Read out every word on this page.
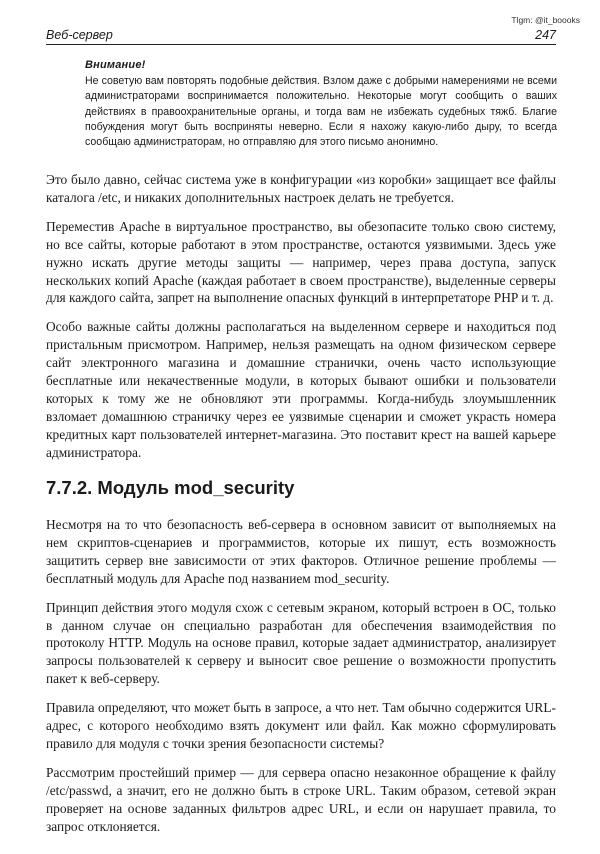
Tlgm: @it_boooks
Веб-сервер	247
Внимание!
Не советую вам повторять подобные действия. Взлом даже с добрыми намерениями не всеми администраторами воспринимается положительно. Некоторые могут сообщить о ваших действиях в правоохранительные органы, и тогда вам не избежать судебных тяжб. Благие побуждения могут быть восприняты неверно. Если я нахожу какую-либо дыру, то всегда сообщаю администраторам, но отправляю для этого письмо анонимно.

Это было давно, сейчас система уже в конфигурации «из коробки» защищает все файлы каталога /etc, и никаких дополнительных настроек делать не требуется.

Переместив Apache в виртуальное пространство, вы обезопасите только свою систему, но все сайты, которые работают в этом пространстве, остаются уязвимыми. Здесь уже нужно искать другие методы защиты — например, через права доступа, запуск нескольких копий Apache (каждая работает в своем пространстве), выделенные серверы для каждого сайта, запрет на выполнение опасных функций в интерпретаторе PHP и т. д.

Особо важные сайты должны располагаться на выделенном сервере и находиться под пристальным присмотром. Например, нельзя размещать на одном физическом сервере сайт электронного магазина и домашние странички, очень часто использующие бесплатные или некачественные модули, в которых бывают ошибки и пользователи которых к тому же не обновляют эти программы. Когда-нибудь злоумышленник взломает домашнюю страничку через ее уязвимые сценарии и сможет украсть номера кредитных карт пользователей интернет-магазина. Это поставит крест на вашей карьере администратора.

7.7.2. Модуль mod_security

Несмотря на то что безопасность веб-сервера в основном зависит от выполняемых на нем скриптов-сценариев и программистов, которые их пишут, есть возможность защитить сервер вне зависимости от этих факторов. Отличное решение проблемы — бесплатный модуль для Apache под названием mod_security.

Принцип действия этого модуля схож с сетевым экраном, который встроен в ОС, только в данном случае он специально разработан для обеспечения взаимодействия по протоколу HTTP. Модуль на основе правил, которые задает администратор, анализирует запросы пользователей к серверу и выносит свое решение о возможности пропустить пакет к веб-серверу.

Правила определяют, что может быть в запросе, а что нет. Там обычно содержится URL-адрес, с которого необходимо взять документ или файл. Как можно сформулировать правило для модуля с точки зрения безопасности системы?

Рассмотрим простейший пример — для сервера опасно незаконное обращение к файлу /etc/passwd, а значит, его не должно быть в строке URL. Таким образом, сетевой экран проверяет на основе заданных фильтров адрес URL, и если он нарушает правила, то запрос отклоняется.
